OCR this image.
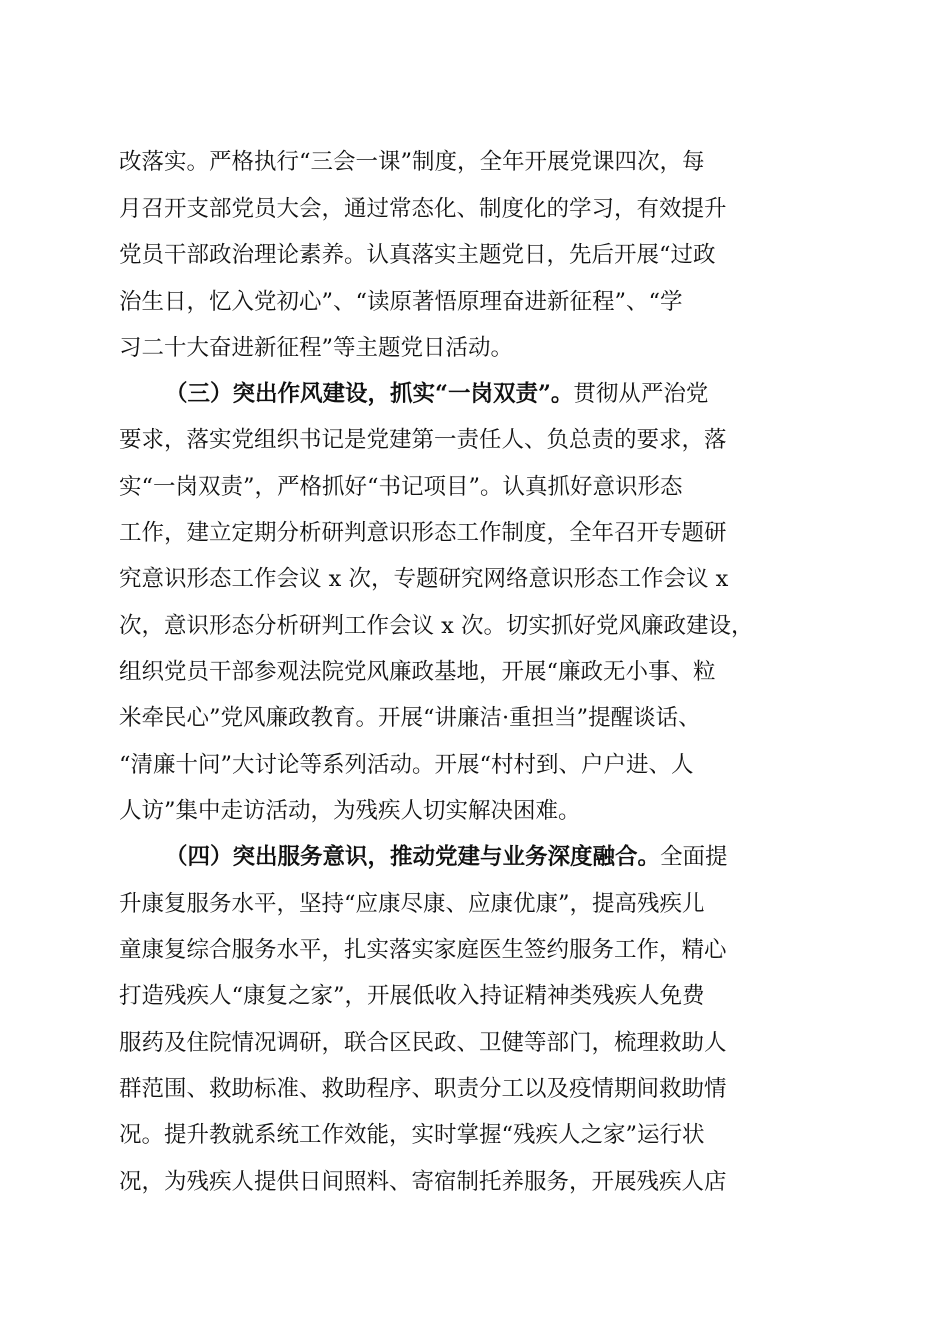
改落实。严格执行“三会一课”制度，全年开展党课四次，每
月召开支部党员大会，通过常态化、制度化的学习，有效提升
党员干部政治理论素养。认真落实主题党日，先后开展“过政
治生日，忆入党初心”、“读原著悟原理奋进新征程”、“学
习二十大奋进新征程”等主题党日活动。
（三）突出作风建设，抓实“一岗双责”。贯彻从严治党
要求，落实党组织书记是党建第一责任人、负总责的要求，落
实“一岗双责”，严格抓好“书记项目”。认真抓好意识形态
工作，建立定期分析研判意识形态工作制度，全年召开专题研
究意识形态工作会议 x 次，专题研究网络意识形态工作会议 x
次，意识形态分析研判工作会议 x 次。切实抓好党风廉政建设，
组织党员干部参观法院党风廉政基地，开展“廉政无小事、粒
米牵民心”党风廉政教育。开展“讲廉洁·重担当”提醒谈话、
“清廉十问”大讨论等系列活动。开展“村村到、户户进、人
人访”集中走访活动，为残疾人切实解决困难。
（四）突出服务意识，推动党建与业务深度融合。全面提
升康复服务水平，坚持“应康尽康、应康优康”，提高残疾儿
童康复综合服务水平，扎实落实家庭医生签约服务工作，精心
打造残疾人“康复之家”，开展低收入持证精神类残疾人免费
服药及住院情况调研，联合区民政、卫健等部门，梳理救助人
群范围、救助标准、救助程序、职责分工以及疫情期间救助情
况。提升教就系统工作效能，实时掌握“残疾人之家”运行状
况，为残疾人提供日间照料、寄宿制托养服务，开展残疾人店
